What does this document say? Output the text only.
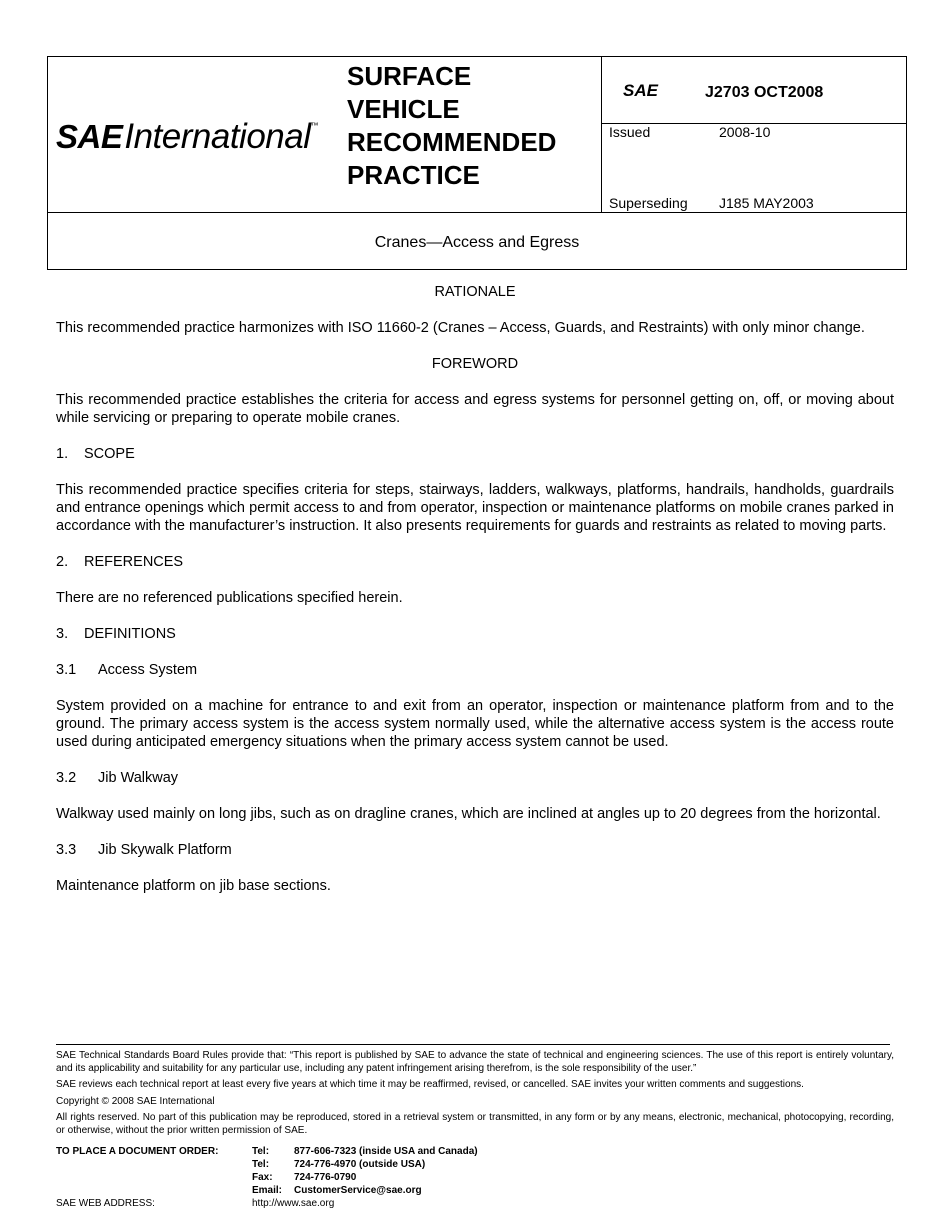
SAE International ™
SURFACE
VEHICLE
RECOMMENDED
PRACTICE
SAE	J2703 OCT2008
Issued	2008-10
Superseding J185 MAY2003
Cranes—Access and Egress

RATIONALE

This recommended practice harmonizes with ISO 11660-2 (Cranes – Access, Guards, and Restraints) with only minor change.

FOREWORD

This recommended practice establishes the criteria for access and egress systems for personnel getting on, off, or moving about while servicing or preparing to operate mobile cranes.

1. SCOPE

This recommended practice specifies criteria for steps, stairways, ladders, walkways, platforms, handrails, handholds, guardrails and entrance openings which permit access to and from operator, inspection or maintenance platforms on mobile cranes parked in accordance with the manufacturer’s instruction. It also presents requirements for guards and restraints as related to moving parts.

2. REFERENCES

There are no referenced publications specified herein.

3. DEFINITIONS

3.1 Access System

System provided on a machine for entrance to and exit from an operator, inspection or maintenance platform from and to the ground. The primary access system is the access system normally used, while the alternative access system is the access route used during anticipated emergency situations when the primary access system cannot be used.

3.2 Jib Walkway

Walkway used mainly on long jibs, such as on dragline cranes, which are inclined at angles up to 20 degrees from the horizontal.

3.3 Jib Skywalk Platform

Maintenance platform on jib base sections.

SAE Technical Standards Board Rules provide that: “This report is published by SAE to advance the state of technical and engineering sciences. The use of this report is entirely voluntary, and its applicability and suitability for any particular use, including any patent infringement arising therefrom, is the sole responsibility of the user.”

SAE reviews each technical report at least every five years at which time it may be reaffirmed, revised, or cancelled. SAE invites your written comments and suggestions.

Copyright © 2008 SAE International

All rights reserved. No part of this publication may be reproduced, stored in a retrieval system or transmitted, in any form or by any means, electronic, mechanical, photocopying, recording, or otherwise, without the prior written permission of SAE.

TO PLACE A DOCUMENT ORDER:	Tel: 877-606-7323 (inside USA and Canada)
Tel: 724-776-4970 (outside USA)
Fax: 724-776-0790
Email: CustomerService@sae.org
SAE WEB ADDRESS:	http://www.sae.org
